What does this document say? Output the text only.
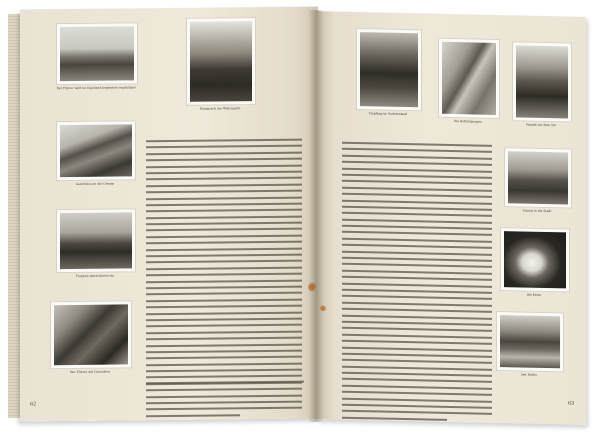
Der Führer wird im Egerland begeistert empfangen
Einmarsch der Wehrmacht
Geschütze an der Grenze
Truppen marschieren ein
Der Führer mit Generälen
62
Empfang im Sudetenland
Die Befestigungen
Parade vor dem Tor
Einzug in die Stadt
Die Karte
Der Hafen
63
